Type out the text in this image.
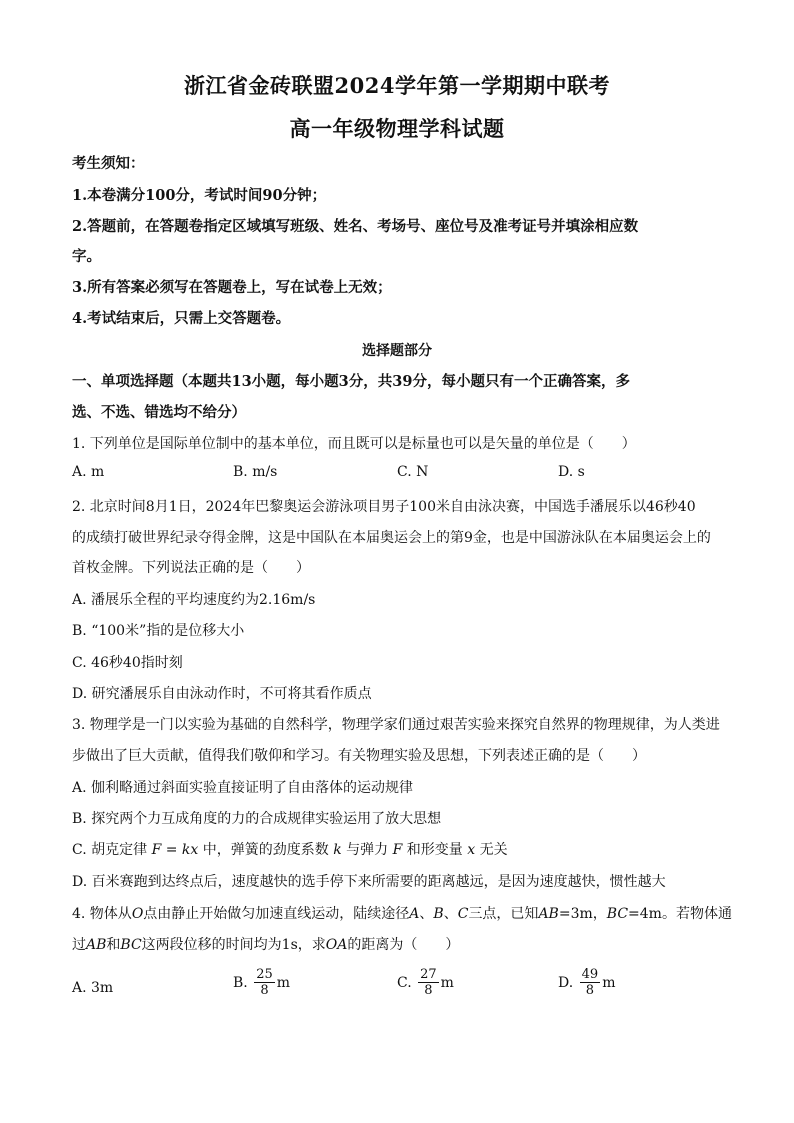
浙江省金砖联盟2024学年第一学期期中联考
高一年级物理学科试题
考生须知：
1.本卷满分100分，考试时间90分钟；
2.答题前，在答题卷指定区域填写班级、姓名、考场号、座位号及准考证号并填涂相应数
字。
3.所有答案必须写在答题卷上，写在试卷上无效；
4.考试结束后，只需上交答题卷。
选择题部分
一、单项选择题（本题共13小题，每小题3分，共39分，每小题只有一个正确答案，多
选、不选、错选均不给分）
1. 下列单位是国际单位制中的基本单位，而且既可以是标量也可以是矢量的单位是（　　）
A. m	B. m/s	C. N	D. s
2. 北京时间8月1日，2024年巴黎奥运会游泳项目男子100米自由泳决赛，中国选手潘展乐以46秒40
的成绩打破世界纪录夺得金牌，这是中国队在本届奥运会上的第9金，也是中国游泳队在本届奥运会上的
首枚金牌。下列说法正确的是（　　）
A. 潘展乐全程的平均速度约为2.16m/s
B. “100米”指的是位移大小
C. 46秒40指时刻
D. 研究潘展乐自由泳动作时，不可将其看作质点
3. 物理学是一门以实验为基础的自然科学，物理学家们通过艰苦实验来探究自然界的物理规律，为人类进
步做出了巨大贡献，值得我们敬仰和学习。有关物理实验及思想，下列表述正确的是（　　）
A. 伽利略通过斜面实验直接证明了自由落体的运动规律
B. 探究两个力互成角度的力的合成规律实验运用了放大思想
C. 胡克定律 F = kx 中，弹簧的劲度系数 k 与弹力 F 和形变量 x 无关
D. 百米赛跑到达终点后，速度越快的选手停下来所需要的距离越远，是因为速度越快，惯性越大
4. 物体从O点由静止开始做匀加速直线运动，陆续途径A、B、C三点，已知AB=3m，BC=4m。若物体通
过AB和BC这两段位移的时间均为1s，求OA的距离为（　　）
A. 3m	B. $\frac{25}{8}$ m	C. $\frac{27}{8}$ m	D. $\frac{49}{8}$ m
